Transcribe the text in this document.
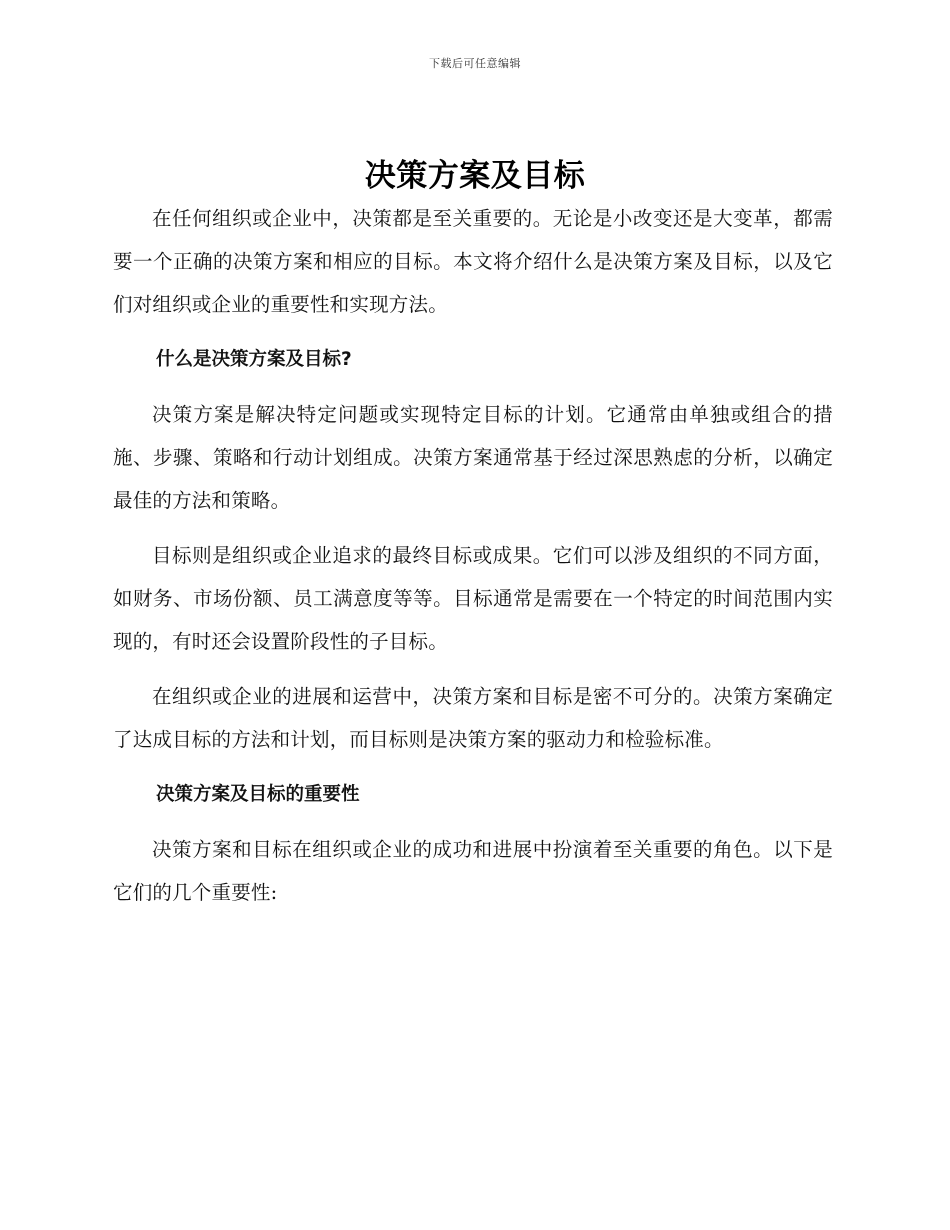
下载后可任意编辑
决策方案及目标

在任何组织或企业中，决策都是至关重要的。无论是小改变还是大变革，都需要一个正确的决策方案和相应的目标。本文将介绍什么是决策方案及目标，以及它们对组织或企业的重要性和实现方法。

什么是决策方案及目标?

决策方案是解决特定问题或实现特定目标的计划。它通常由单独或组合的措施、步骤、策略和行动计划组成。决策方案通常基于经过深思熟虑的分析，以确定最佳的方法和策略。

目标则是组织或企业追求的最终目标或成果。它们可以涉及组织的不同方面，如财务、市场份额、员工满意度等等。目标通常是需要在一个特定的时间范围内实现的，有时还会设置阶段性的子目标。

在组织或企业的进展和运营中，决策方案和目标是密不可分的。决策方案确定了达成目标的方法和计划，而目标则是决策方案的驱动力和检验标准。

决策方案及目标的重要性

决策方案和目标在组织或企业的成功和进展中扮演着至关重要的角色。以下是它们的几个重要性:
